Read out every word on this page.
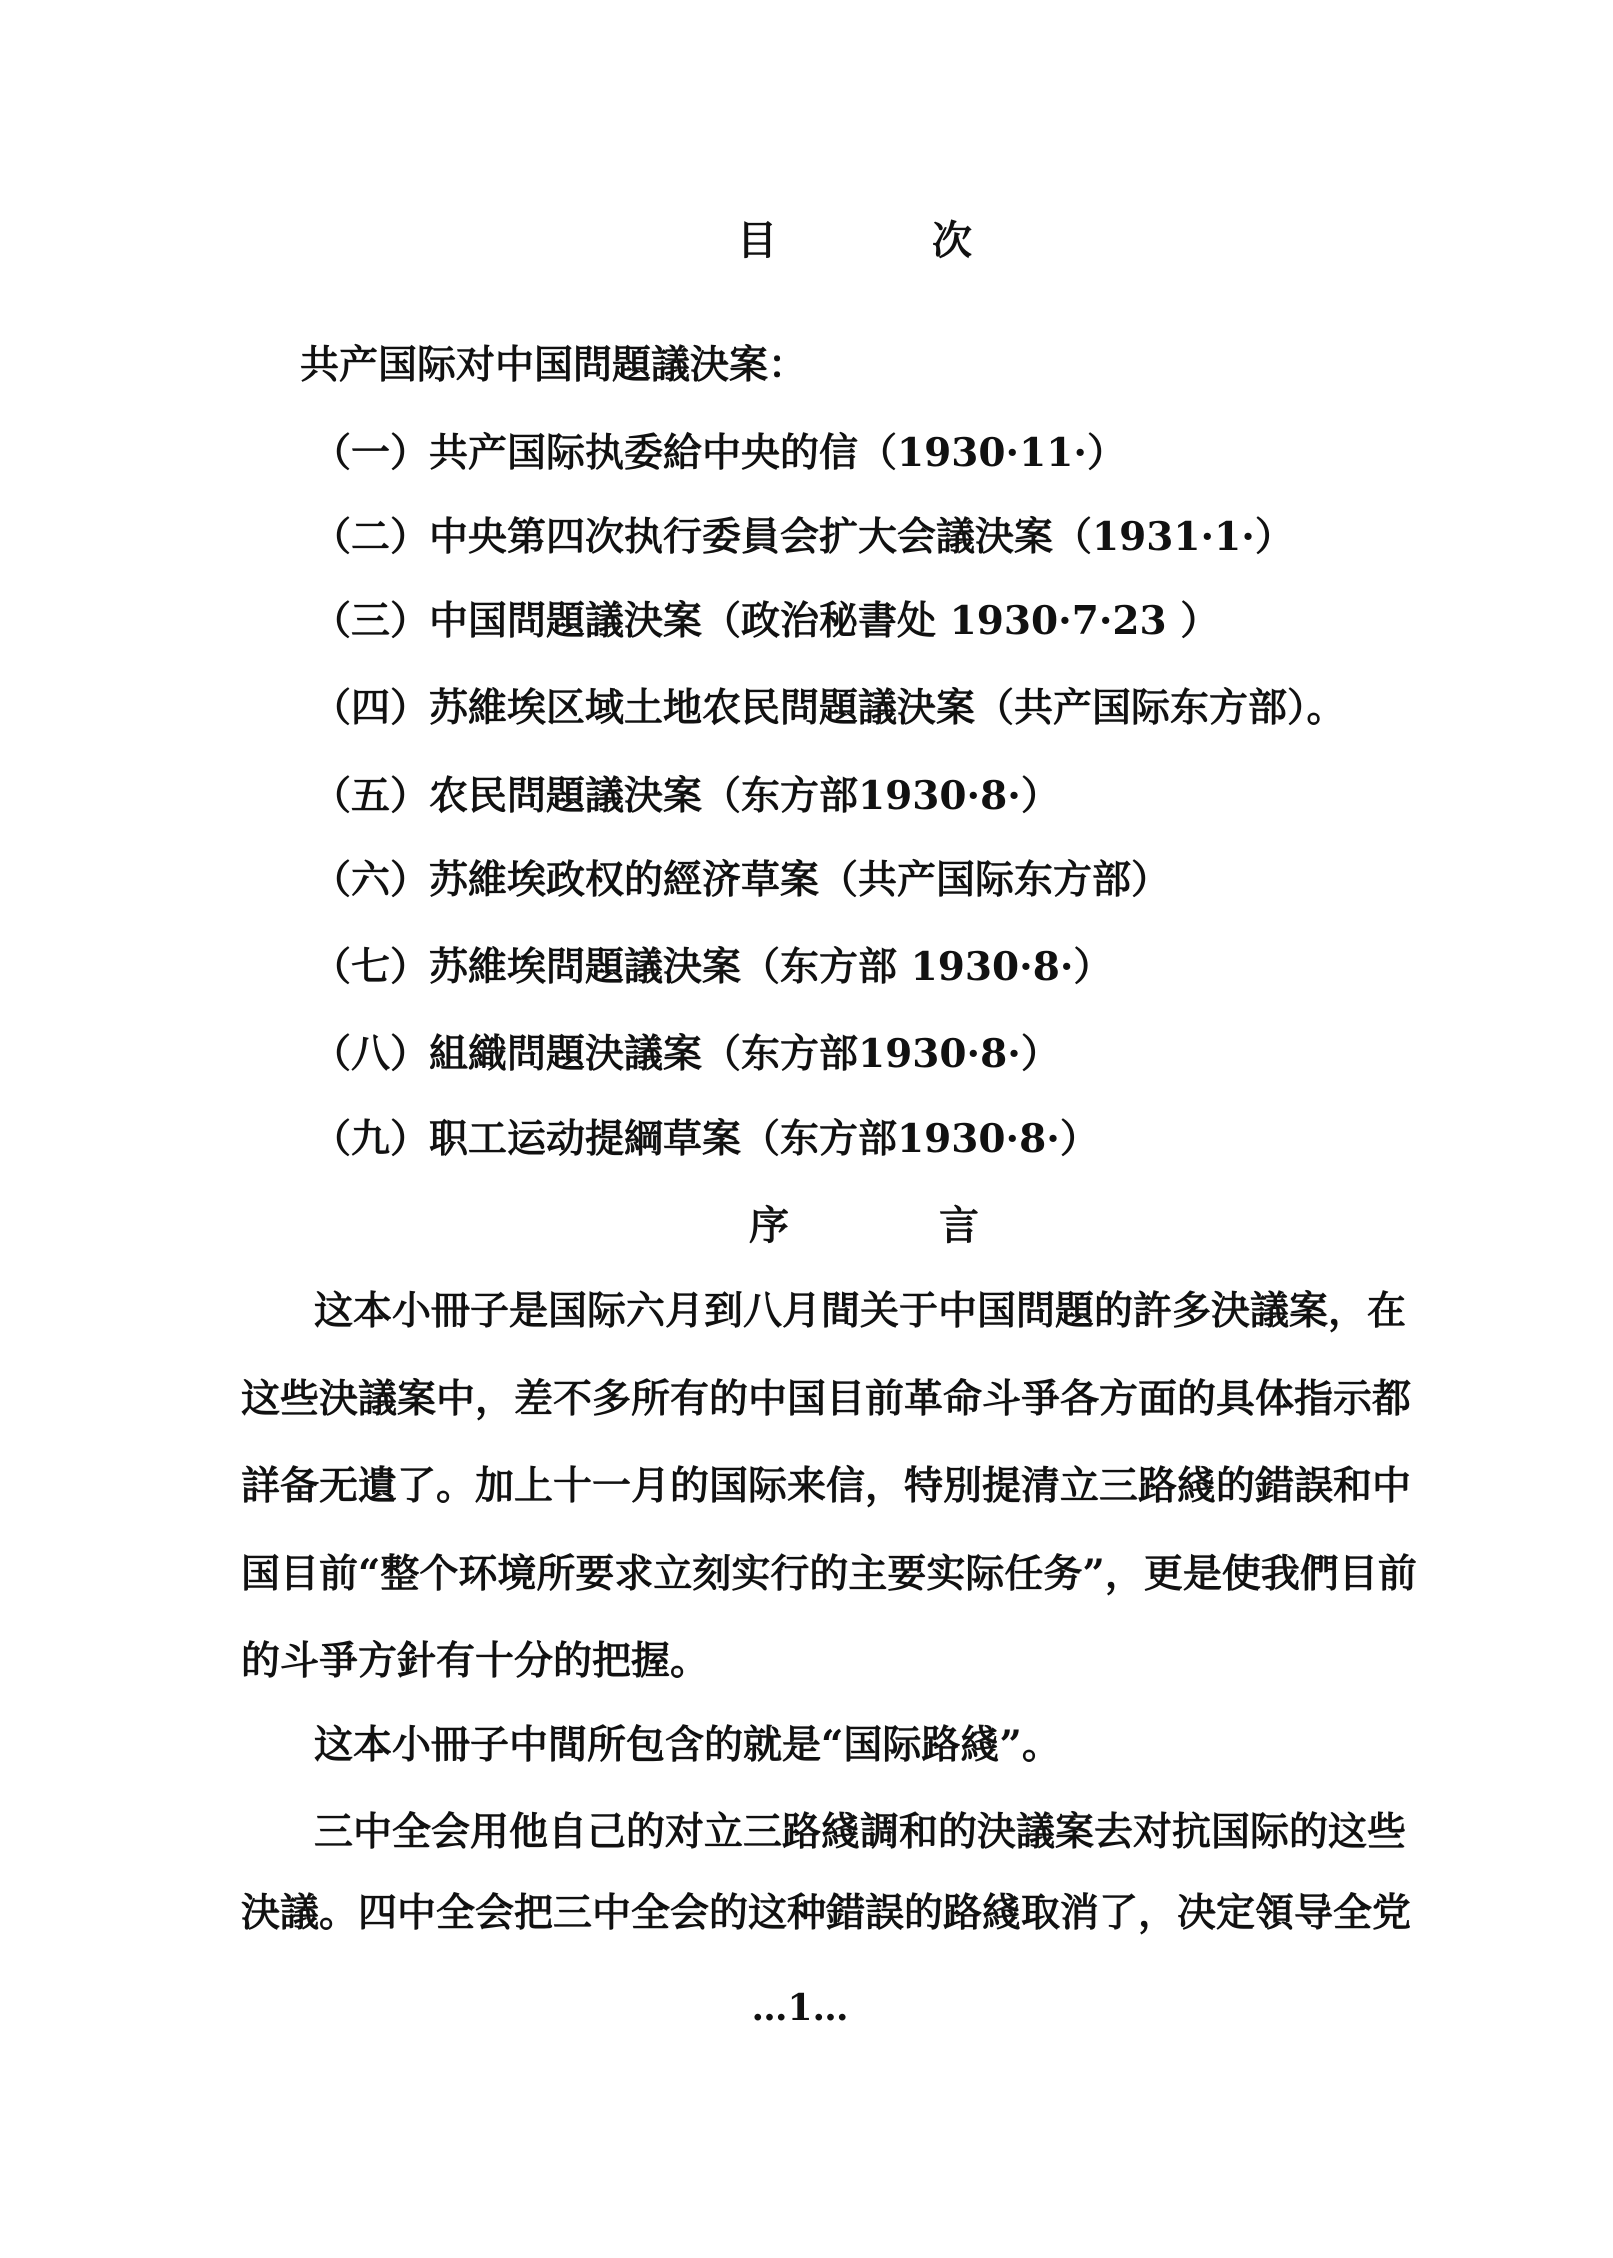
目	次
共产国际对中国問題議決案：
（一）共产国际执委給中央的信（1930·11·）
（二）中央第四次执行委員会扩大会議決案（1931·1·）
（三）中国問題議決案（政治秘書处 1930·7·23 ）
（四）苏維埃区域土地农民問題議決案（共产国际东方部）。
（五）农民問題議決案（东方部1930·8·）
（六）苏維埃政权的經济草案（共产国际东方部）
（七）苏維埃問題議決案（东方部 1930·8·）
（八）組織問題決議案（东方部1930·8·）
（九）职工运动提綱草案（东方部1930·8·）
序	言
这本小冊子是国际六月到八月間关于中国問題的許多決議案，在
这些決議案中，差不多所有的中国目前革命斗爭各方面的具体指示都
詳备无遺了。加上十一月的国际来信，特別提清立三路綫的錯誤和中
国目前“整个环境所要求立刻实行的主要实际任务”，更是使我們目前
的斗爭方針有十分的把握。
这本小冊子中間所包含的就是“国际路綫”。
三中全会用他自己的对立三路綫調和的決議案去对抗国际的这些
決議。四中全会把三中全会的这种錯誤的路綫取消了，决定領导全党
…1…
